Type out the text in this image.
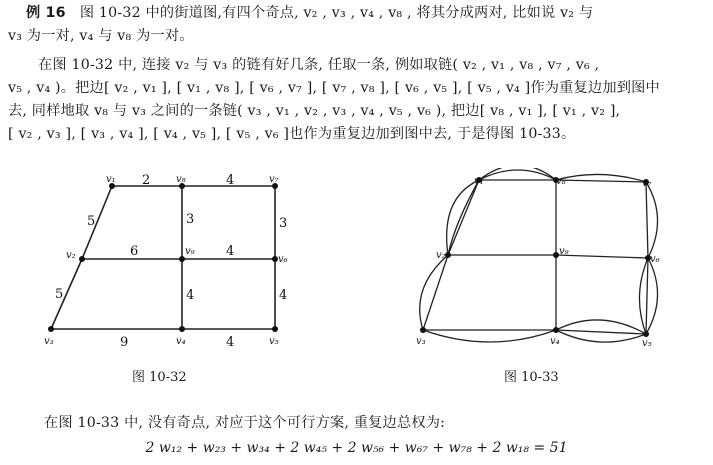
例 16 图 10-32 中的街道图,有四个奇点, v₂ , v₃ , v₄ , v₈ , 将其分成两对, 比如说 v₂ 与

v₃ 为一对, v₄ 与 v₈ 为一对。

在图 10-32 中, 连接 v₂ 与 v₃ 的链有好几条, 任取一条, 例如取链( v₂ , v₁ , v₈ , v₇ , v₆ ,

v₅ , v₄ )。把边[ v₂ , v₁ ], [ v₁ , v₈ ], [ v₆ , v₇ ], [ v₇ , v₈ ], [ v₆ , v₅ ], [ v₅ , v₄ ]作为重复边加到图中

去, 同样地取 v₈ 与 v₃ 之间的一条链( v₃ , v₁ , v₂ , v₃ , v₄ , v₅ , v₆ ), 把边[ v₈ , v₁ ], [ v₁ , v₂ ],

[ v₂ , v₃ ], [ v₃ , v₄ ], [ v₄ , v₅ ], [ v₅ , v₆ ]也作为重复边加到图中去, 于是得图 10-33。

v₁	v₈	v₇
v₂	v₉
v₆
v₃	v₄	v₅
2	4
5	3	3
6	4
5	4	4
9	4
图 10-32
v₁	v₈	v₇
v₂	v₉
v₆
v₃	v₄	v₅
图 10-33

在图 10-33 中, 没有奇点, 对应于这个可行方案, 重复边总权为:

2 w₁₂ + w₂₃ + w₃₄ + 2 w₄₅ + 2 w₅₆ + w₆₇ + w₇₈ + 2 w₁₈ = 51
